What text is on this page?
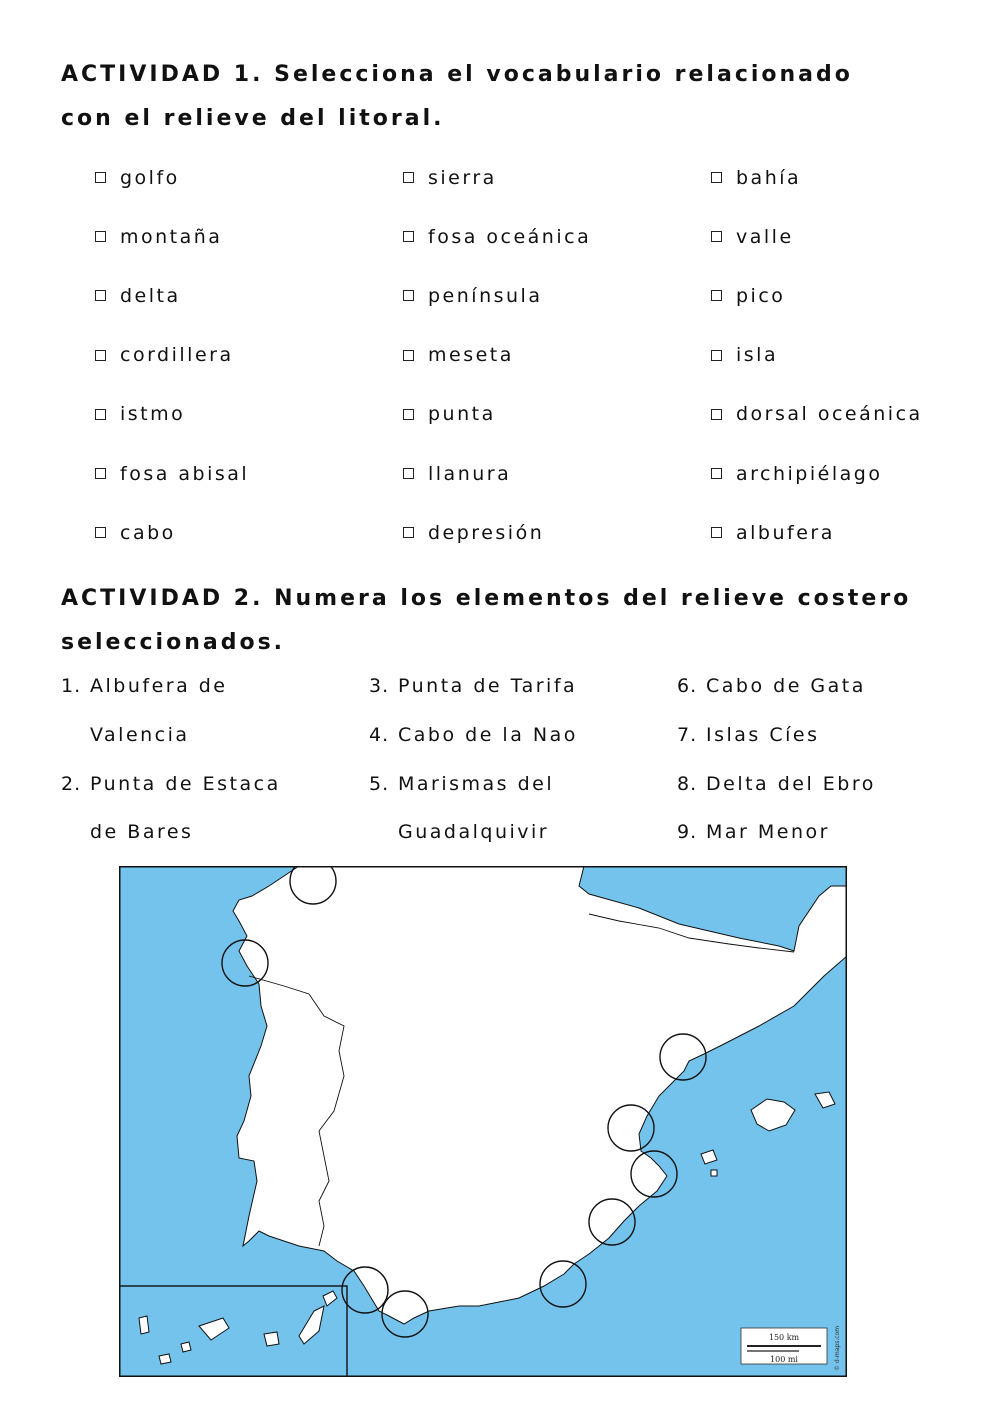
ACTIVIDAD 1. Selecciona el vocabulario relacionado
con el relieve del litoral.
golfo	sierra	bahía
montaña	fosa oceánica	valle
delta	península	pico
cordillera	meseta	isla
istmo	punta	dorsal oceánica
fosa abisal	llanura	archipiélago
cabo	depresión	albufera
ACTIVIDAD 2. Numera los elementos del relieve costero
seleccionados.
1. Albufera de
Valencia
2. Punta de Estaca
de Bares
3. Punta de Tarifa
4. Cabo de la Nao
5. Marismas del
Guadalquivir
6. Cabo de Gata
7. Islas Cíes
8. Delta del Ebro
9. Mar Menor
150 km
100 mi	© d-maps.com
